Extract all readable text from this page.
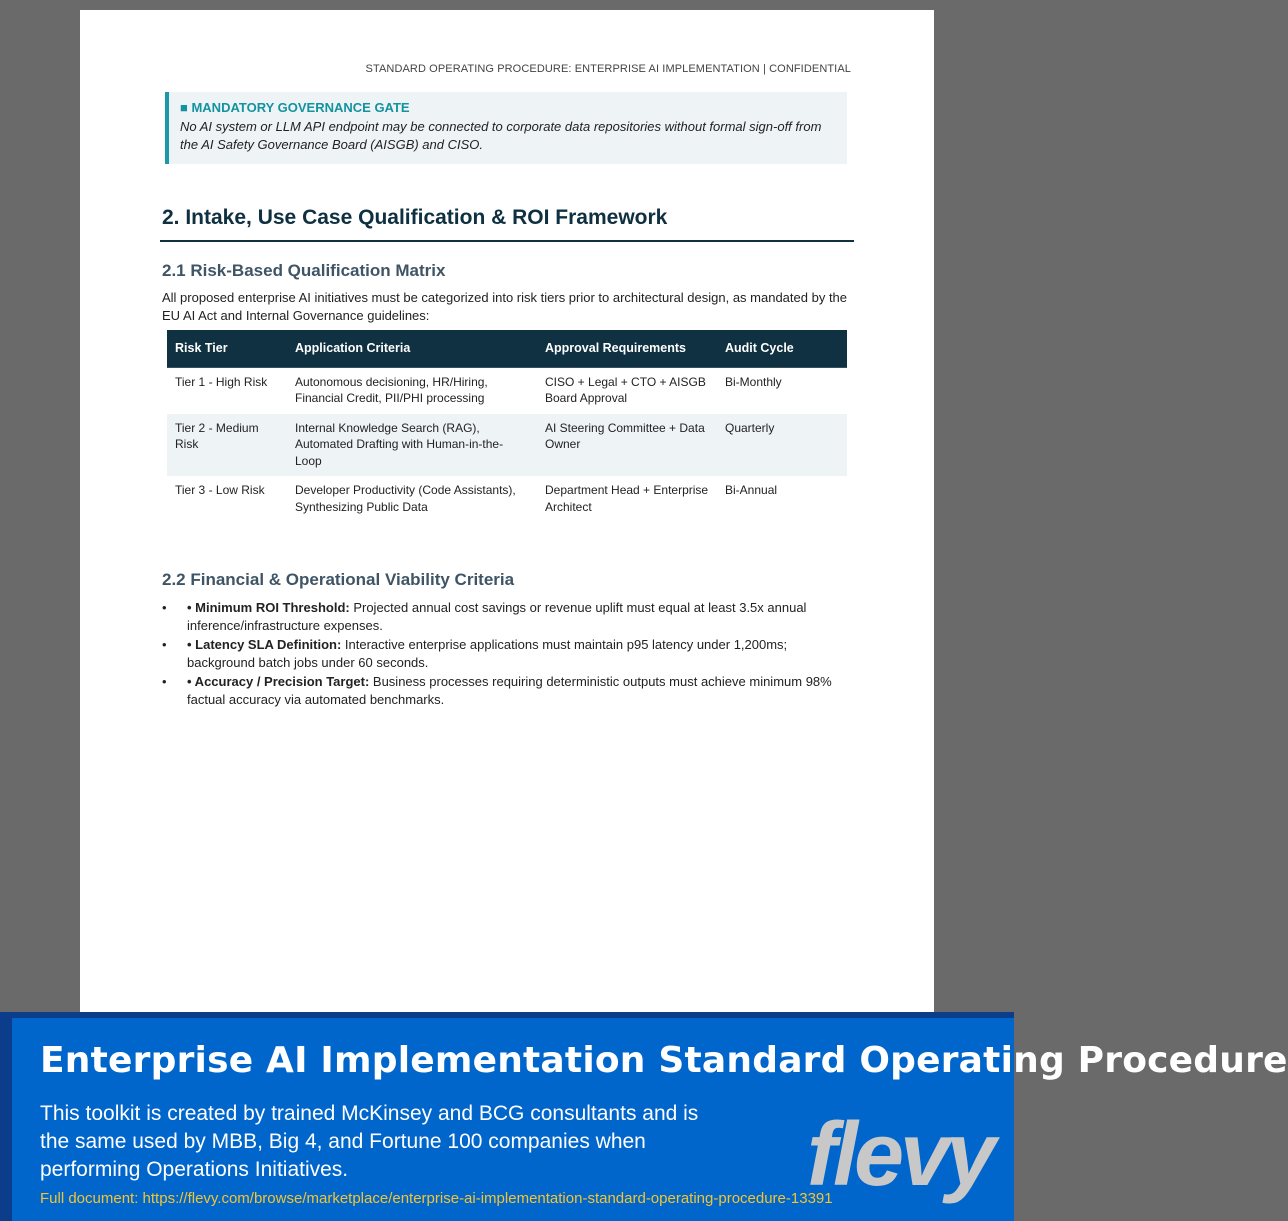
STANDARD OPERATING PROCEDURE: ENTERPRISE AI IMPLEMENTATION | CONFIDENTIAL
■ MANDATORY GOVERNANCE GATE
No AI system or LLM API endpoint may be connected to corporate data repositories without formal sign-off from the AI Safety Governance Board (AISGB) and CISO.
2. Intake, Use Case Qualification & ROI Framework
2.1 Risk-Based Qualification Matrix
All proposed enterprise AI initiatives must be categorized into risk tiers prior to architectural design, as mandated by the EU AI Act and Internal Governance guidelines:
Risk Tier	Application Criteria	Approval Requirements	Audit Cycle
Tier 1 - High Risk	Autonomous decisioning, HR/Hiring, Financial Credit, PII/PHI processing	CISO + Legal + CTO + AISGB Board Approval	Bi-Monthly
Tier 2 - Medium Risk	Internal Knowledge Search (RAG), Automated Drafting with Human-in-the-Loop	AI Steering Committee + Data Owner	Quarterly
Tier 3 - Low Risk	Developer Productivity (Code Assistants), Synthesizing Public Data	Department Head + Enterprise Architect	Bi-Annual
2.2 Financial & Operational Viability Criteria
• • Minimum ROI Threshold: Projected annual cost savings or revenue uplift must equal at least 3.5x annual inference/infrastructure expenses.
• • Latency SLA Definition: Interactive enterprise applications must maintain p95 latency under 1,200ms; background batch jobs under 60 seconds.
• • Accuracy / Precision Target: Business processes requiring deterministic outputs must achieve minimum 98% factual accuracy via automated benchmarks.
Enterprise AI Implementation Standard Operating Procedure
This toolkit is created by trained McKinsey and BCG consultants and is the same used by MBB, Big 4, and Fortune 100 companies when performing Operations Initiatives.
Full document: https://flevy.com/browse/marketplace/enterprise-ai-implementation-standard-operating-procedure-13391
flevy
